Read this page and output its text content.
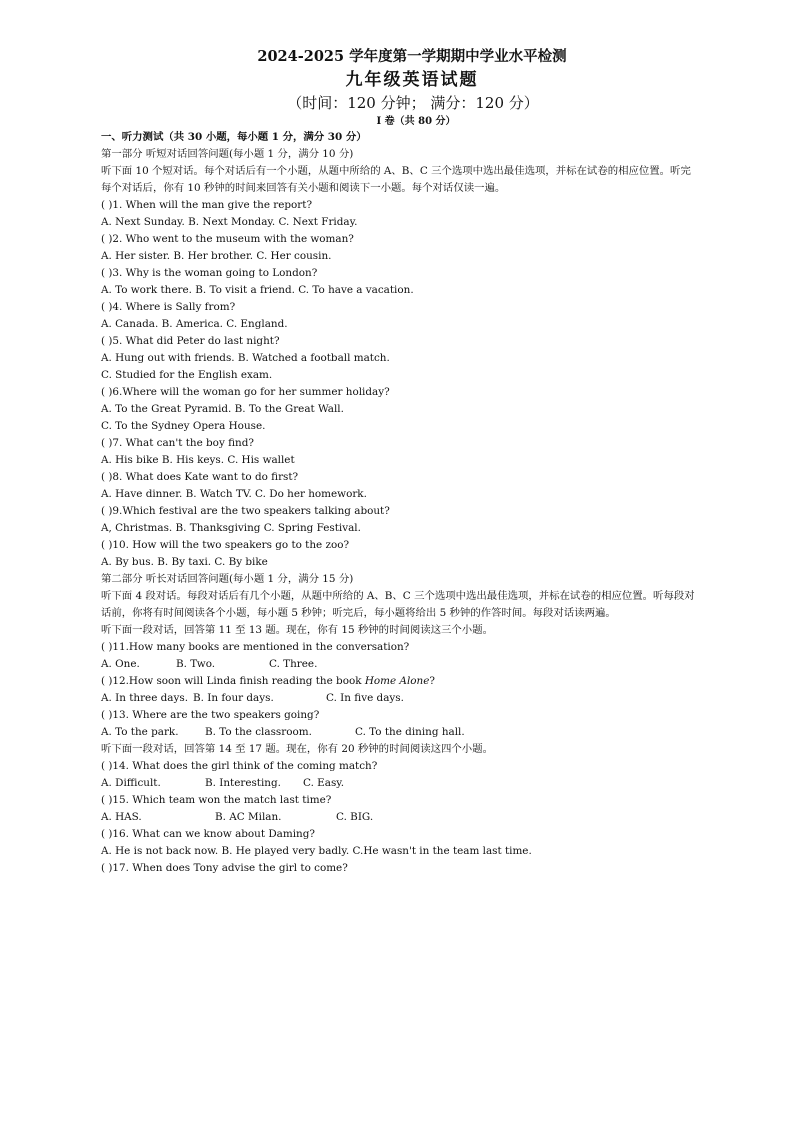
2024-2025 学年度第一学期期中学业水平检测
九年级英语试题
（时间：120 分钟； 满分：120 分）
I 卷（共 80 分）
一、听力测试（共 30 小题，每小题 1 分，满分 30 分）
第一部分 听短对话回答问题(每小题 1 分，满分 10 分)
听下面 10 个短对话。每个对话后有一个小题，从题中所给的 A、B、C 三个选项中选出最佳选项，并标在试卷的相应位置。听完每个对话后，你有 10 秒钟的时间来回答有关小题和阅读下一小题。每个对话仅读一遍。
( )1. When will the man give the report?
A. Next Sunday. B. Next Monday. C. Next Friday.
( )2. Who went to the museum with the woman?
A. Her sister. B. Her brother. C. Her cousin.
( )3. Why is the woman going to London?
A. To work there. B. To visit a friend. C. To have a vacation.
( )4. Where is Sally from?
A. Canada. B. America. C. England.
( )5. What did Peter do last night?
A. Hung out with friends. B. Watched a football match.
C. Studied for the English exam.
( )6.Where will the woman go for her summer holiday?
A. To the Great Pyramid. B. To the Great Wall.
C. To the Sydney Opera House.
( )7. What can't the boy find?
A. His bike B. His keys. C. His wallet
( )8. What does Kate want to do first?
A. Have dinner. B. Watch TV. C. Do her homework.
( )9.Which festival are the two speakers talking about?
A, Christmas. B. Thanksgiving C. Spring Festival.
( )10. How will the two speakers go to the zoo?
A. By bus. B. By taxi. C. By bike
第二部分 听长对话回答问题(每小题 1 分，满分 15 分)
听下面 4 段对话。每段对话后有几个小题，从题中所给的 A、B、C 三个选项中选出最佳选项，并标在试卷的相应位置。听每段对话前，你将有时间阅读各个小题，每小题 5 秒钟；听完后，每小题将给出 5 秒钟的作答时间。每段对话读两遍。
听下面一段对话，回答第 11 至 13 题。现在，你有 15 秒钟的时间阅读这三个小题。
( )11.How many books are mentioned in the conversation?
A. One.	B. Two.	C. Three.
( )12.How soon will Linda finish reading the book Home Alone?
A. In three days. B. In four days.	C. In five days.
( )13. Where are the two speakers going?
A. To the park.	B. To the classroom.	C. To the dining hall.
听下面一段对话，回答第 14 至 17 题。现在，你有 20 秒钟的时间阅读这四个小题。
( )14. What does the girl think of the coming match?
A. Difficult.	B. Interesting. C. Easy.
( )15. Which team won the match last time?
A. HAS.	B. AC Milan.	C. BIG.
( )16. What can we know about Daming?
A. He is not back now. B. He played very badly. C.He wasn't in the team last time.
( )17. When does Tony advise the girl to come?
